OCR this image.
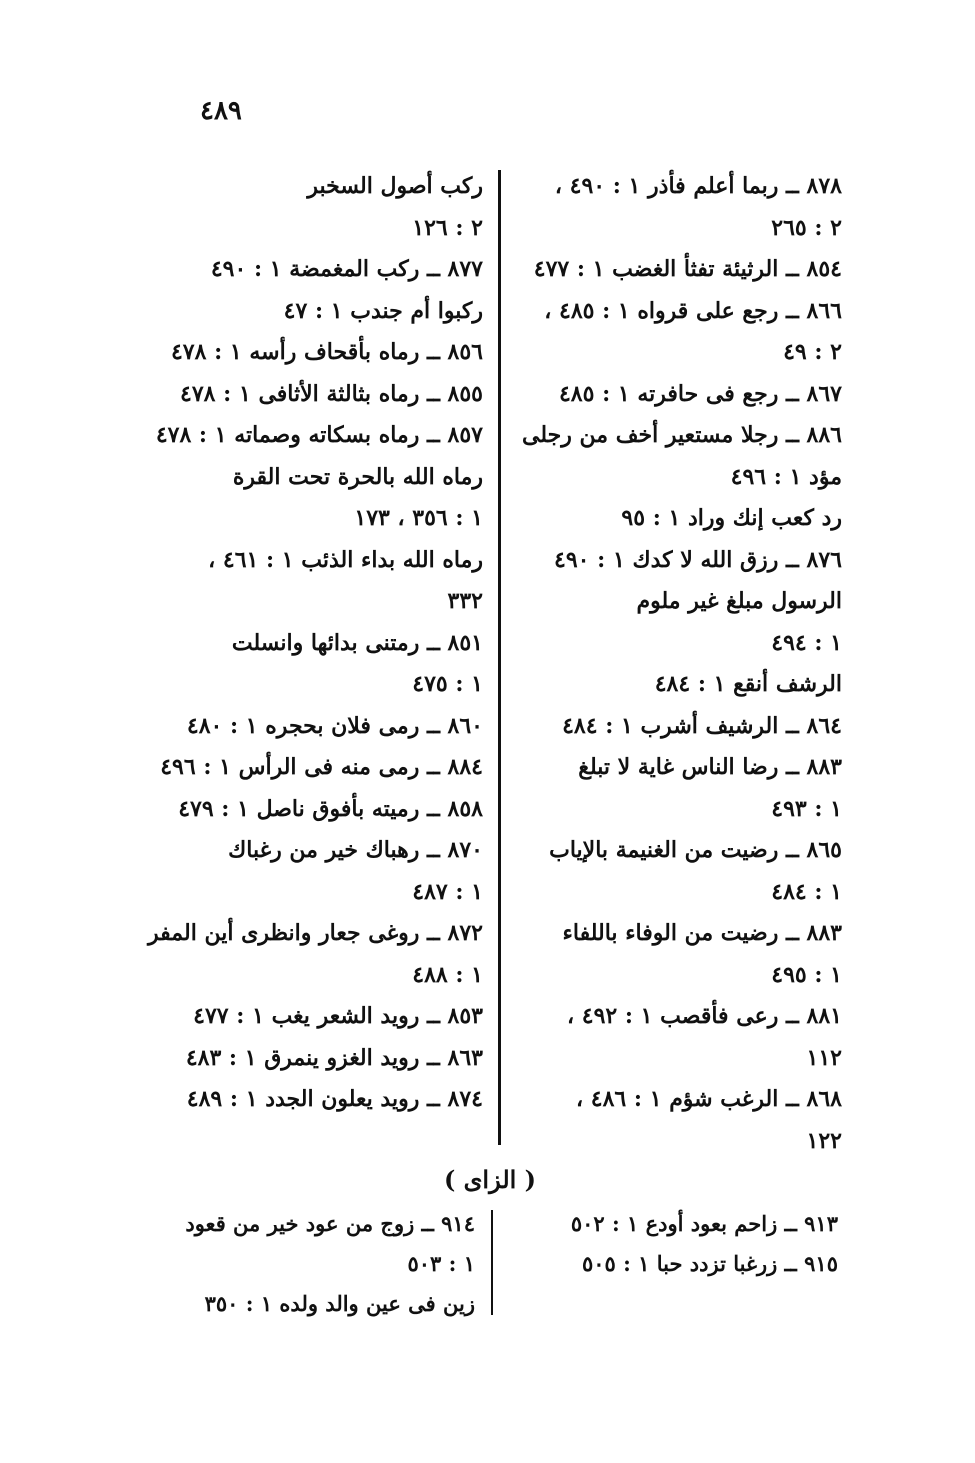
٤٨٩
٨٧٨ ــ ربما أعلم فأذر ١ : ٤٩٠ ،
٢ : ٢٦٥
٨٥٤ ــ الرثيئة تفثأ الغضب ١ : ٤٧٧
٨٦٦ ــ رجع على قرواه ١ : ٤٨٥ ،
٢ : ٤٩
٨٦٧ ــ رجع فى حافرته ١ : ٤٨٥
٨٨٦ ــ رجلا مستعير أخف من رجلى
مؤد ١ : ٤٩٦
رد كعب إنك وراد ١ : ٩٥
٨٧٦ ــ رزق الله لا كدك ١ : ٤٩٠
الرسول مبلغ غير ملوم
١ : ٤٩٤
الرشف أنقع ١ : ٤٨٤
٨٦٤ ــ الرشيف أشرب ١ : ٤٨٤
٨٨٣ ــ رضا الناس غاية لا تبلغ
١ : ٤٩٣
٨٦٥ ــ رضيت من الغنيمة بالإياب
١ : ٤٨٤
٨٨٣ ــ رضيت من الوفاء باللفاء
١ : ٤٩٥
٨٨١ ــ رعى فأقصب ١ : ٤٩٢ ،
١١٢
٨٦٨ ــ الرغب شؤم ١ : ٤٨٦ ،
١٢٢
ركب أصول السخبر
٢ : ١٢٦
٨٧٧ ــ ركب المغمضة ١ : ٤٩٠
ركبوا أم جندب ١ : ٤٧
٨٥٦ ــ رماه بأقحاف رأسه ١ : ٤٧٨
٨٥٥ ــ رماه بثالثة الأثافى ١ : ٤٧٨
٨٥٧ ــ رماه بسكاته وصماته ١ : ٤٧٨
رماه الله بالحرة تحت القرة
١ : ٣٥٦ ، ١٧٣
رماه الله بداء الذئب ١ : ٤٦١ ،
٣٣٢
٨٥١ ــ رمتنى بدائها وانسلت
١ : ٤٧٥
٨٦٠ ــ رمى فلان بحجره ١ : ٤٨٠
٨٨٤ ــ رمى منه فى الرأس ١ : ٤٩٦
٨٥٨ ــ رميته بأفوق ناصل ١ : ٤٧٩
٨٧٠ ــ رهباك خير من رغباك
١ : ٤٨٧
٨٧٢ ــ روغى جعار وانظرى أين المفر
١ : ٤٨٨
٨٥٣ ــ رويد الشعر يغب ١ : ٤٧٧
٨٦٣ ــ رويد الغزو ينمرق ١ : ٤٨٣
٨٧٤ ــ رويد يعلون الجدد ١ : ٤٨٩
( الزاى )
٩١٣ ــ زاحم بعود أودع ١ : ٥٠٢
٩١٥ ــ زرغبا تزدد حبا ١ : ٥٠٥
٩١٤ ــ زوج من عود خير من قعود
١ : ٥٠٣
زين فى عين والد ولده ١ : ٣٥٠
